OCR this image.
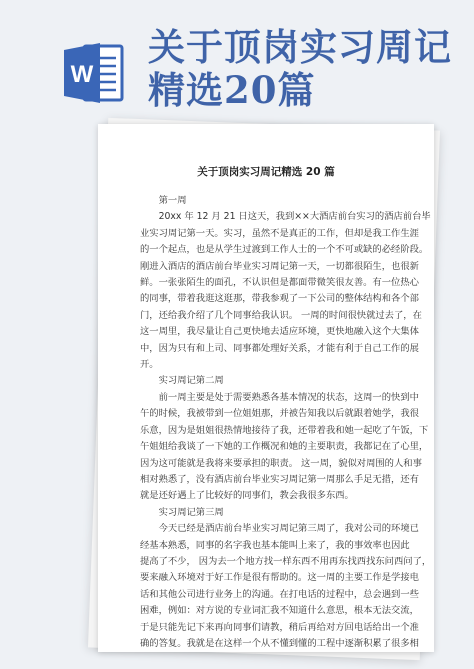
W
关于顶岗实习周记
精选20篇
关于顶岗实习周记精选 20 篇

第一周

20xx 年 12 月 21 日这天，我到××大酒店前台实习的酒店前台毕
业实习周记第一天。实习，虽然不是真正的工作，但却是我工作生涯
的一个起点，也是从学生过渡到工作人士的一个不可或缺的必经阶段。
刚进入酒店的酒店前台毕业实习周记第一天，一切都很陌生，也很新
鲜。一张张陌生的面孔，不认识但是都面带微笑很友善。有一位热心
的同事，带着我逛这逛那，带我参观了一下公司的整体结构和各个部
门，还给我介绍了几个同事给我认识。 一周的时间很快就过去了，在
这一周里，我尽量让自己更快地去适应环境，更快地融入这个大集体
中，因为只有和上司、同事都处理好关系，才能有利于自己工作的展
开。

实习周记第二周

前一周主要是处于需要熟悉各基本情况的状态，这周一的快到中
午的时候，我被带到一位姐姐那，并被告知我以后就跟着她学，我很
乐意，因为是姐姐很热情地接待了我，还带着我和她一起吃了午饭，下
午姐姐给我谈了一下她的工作概况和她的主要职责，我都记在了心里，
因为这可能就是我将来要承担的职责。 这一周，貌似对周围的人和事
相对熟悉了，没有酒店前台毕业实习周记第一周那么手足无措，还有
就是还好遇上了比较好的同事们，教会我很多东西。

实习周记第三周

今天已经是酒店前台毕业实习周记第三周了，我对公司的环境已
经基本熟悉，同事的名字我也基本能叫上来了，我的事效率也因此
提高了不少， 因为去一个地方找一样东西不用再东找西找东问西问了，
要来融入环境对于好工作是很有帮助的。这一周的主要工作是学接电
话和其他公司进行业务上的沟通。在打电话的过程中，总会遇到一些
困难，例如：对方说的专业词汇我不知道什么意思，根本无法交流，
于是只能先记下来再向同事们请教，稍后再给对方回电话给出一个准
确的答复。我就是在这样一个从不懂到懂的工程中逐渐积累了很多相
